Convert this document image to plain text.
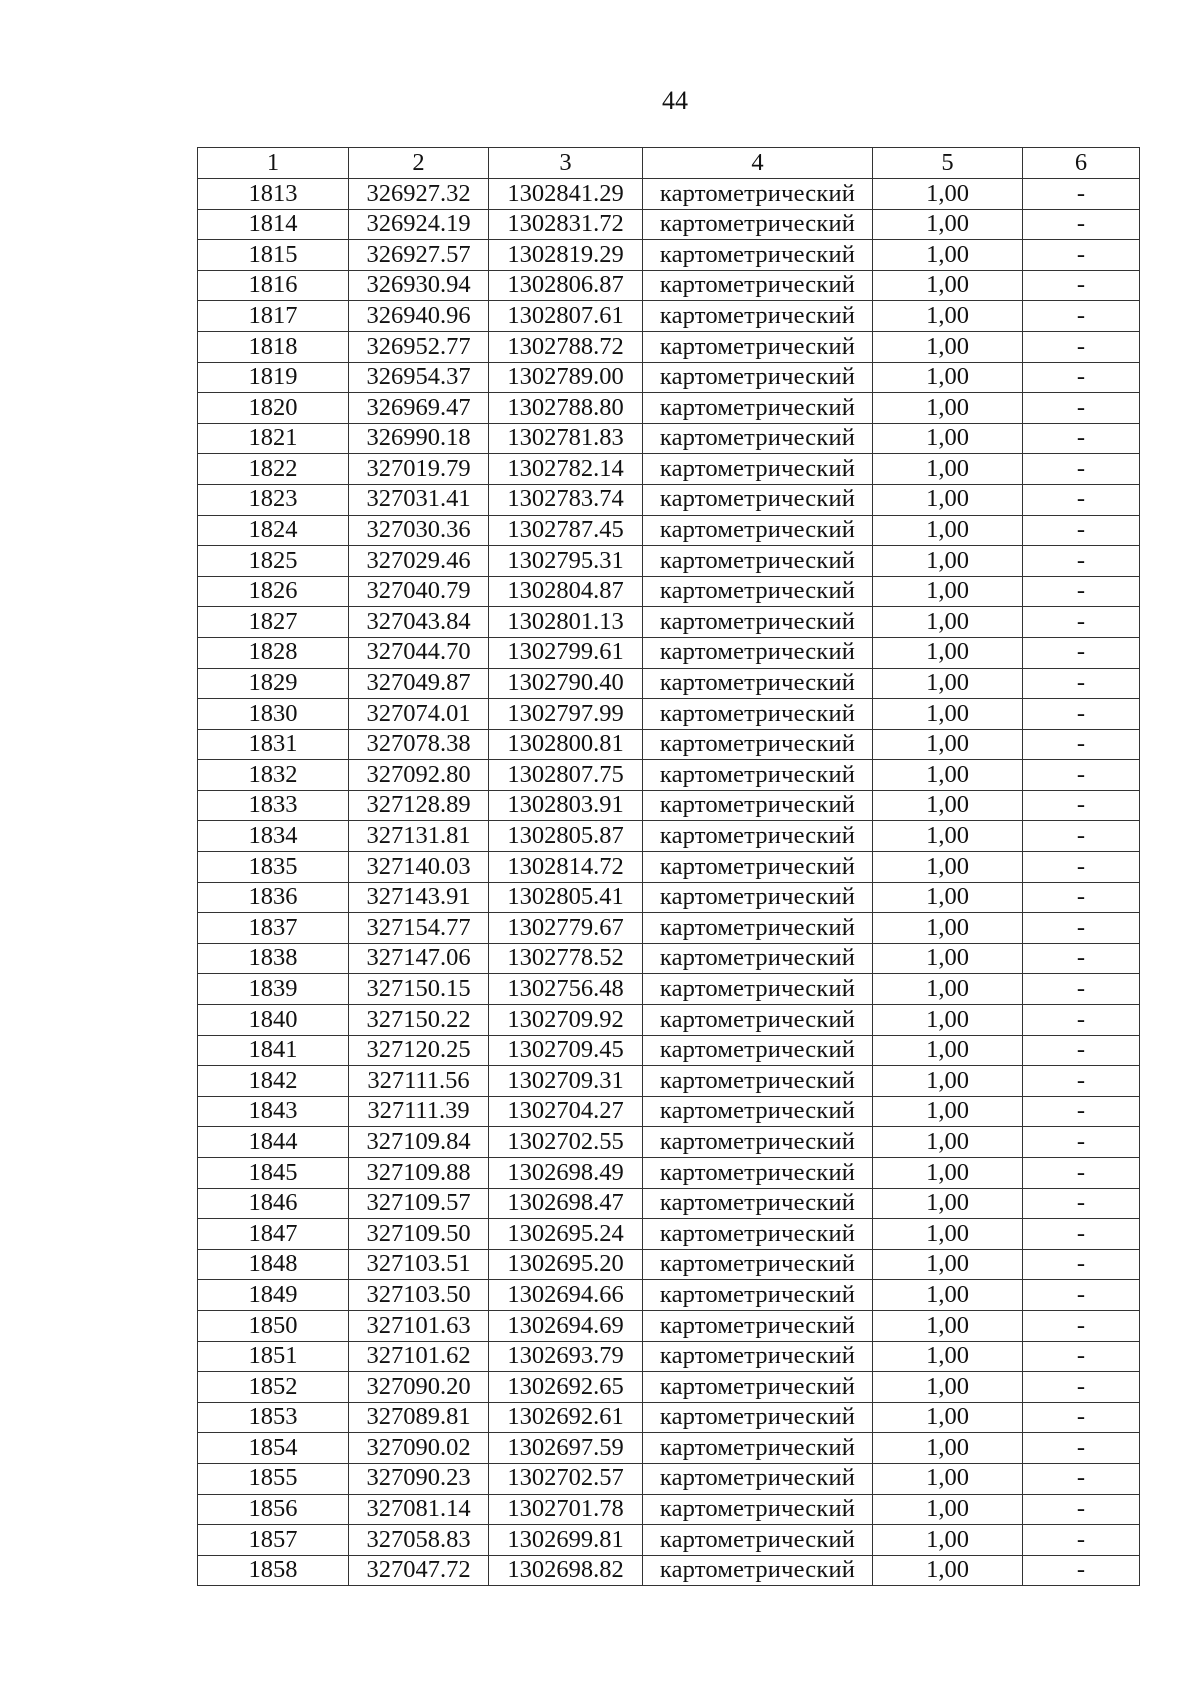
44
1	2	3	4	5	6
1813	326927.32	1302841.29	картометрический	1,00	-
1814	326924.19	1302831.72	картометрический	1,00	-
1815	326927.57	1302819.29	картометрический	1,00	-
1816	326930.94	1302806.87	картометрический	1,00	-
1817	326940.96	1302807.61	картометрический	1,00	-
1818	326952.77	1302788.72	картометрический	1,00	-
1819	326954.37	1302789.00	картометрический	1,00	-
1820	326969.47	1302788.80	картометрический	1,00	-
1821	326990.18	1302781.83	картометрический	1,00	-
1822	327019.79	1302782.14	картометрический	1,00	-
1823	327031.41	1302783.74	картометрический	1,00	-
1824	327030.36	1302787.45	картометрический	1,00	-
1825	327029.46	1302795.31	картометрический	1,00	-
1826	327040.79	1302804.87	картометрический	1,00	-
1827	327043.84	1302801.13	картометрический	1,00	-
1828	327044.70	1302799.61	картометрический	1,00	-
1829	327049.87	1302790.40	картометрический	1,00	-
1830	327074.01	1302797.99	картометрический	1,00	-
1831	327078.38	1302800.81	картометрический	1,00	-
1832	327092.80	1302807.75	картометрический	1,00	-
1833	327128.89	1302803.91	картометрический	1,00	-
1834	327131.81	1302805.87	картометрический	1,00	-
1835	327140.03	1302814.72	картометрический	1,00	-
1836	327143.91	1302805.41	картометрический	1,00	-
1837	327154.77	1302779.67	картометрический	1,00	-
1838	327147.06	1302778.52	картометрический	1,00	-
1839	327150.15	1302756.48	картометрический	1,00	-
1840	327150.22	1302709.92	картометрический	1,00	-
1841	327120.25	1302709.45	картометрический	1,00	-
1842	327111.56	1302709.31	картометрический	1,00	-
1843	327111.39	1302704.27	картометрический	1,00	-
1844	327109.84	1302702.55	картометрический	1,00	-
1845	327109.88	1302698.49	картометрический	1,00	-
1846	327109.57	1302698.47	картометрический	1,00	-
1847	327109.50	1302695.24	картометрический	1,00	-
1848	327103.51	1302695.20	картометрический	1,00	-
1849	327103.50	1302694.66	картометрический	1,00	-
1850	327101.63	1302694.69	картометрический	1,00	-
1851	327101.62	1302693.79	картометрический	1,00	-
1852	327090.20	1302692.65	картометрический	1,00	-
1853	327089.81	1302692.61	картометрический	1,00	-
1854	327090.02	1302697.59	картометрический	1,00	-
1855	327090.23	1302702.57	картометрический	1,00	-
1856	327081.14	1302701.78	картометрический	1,00	-
1857	327058.83	1302699.81	картометрический	1,00	-
1858	327047.72	1302698.82	картометрический	1,00	-
